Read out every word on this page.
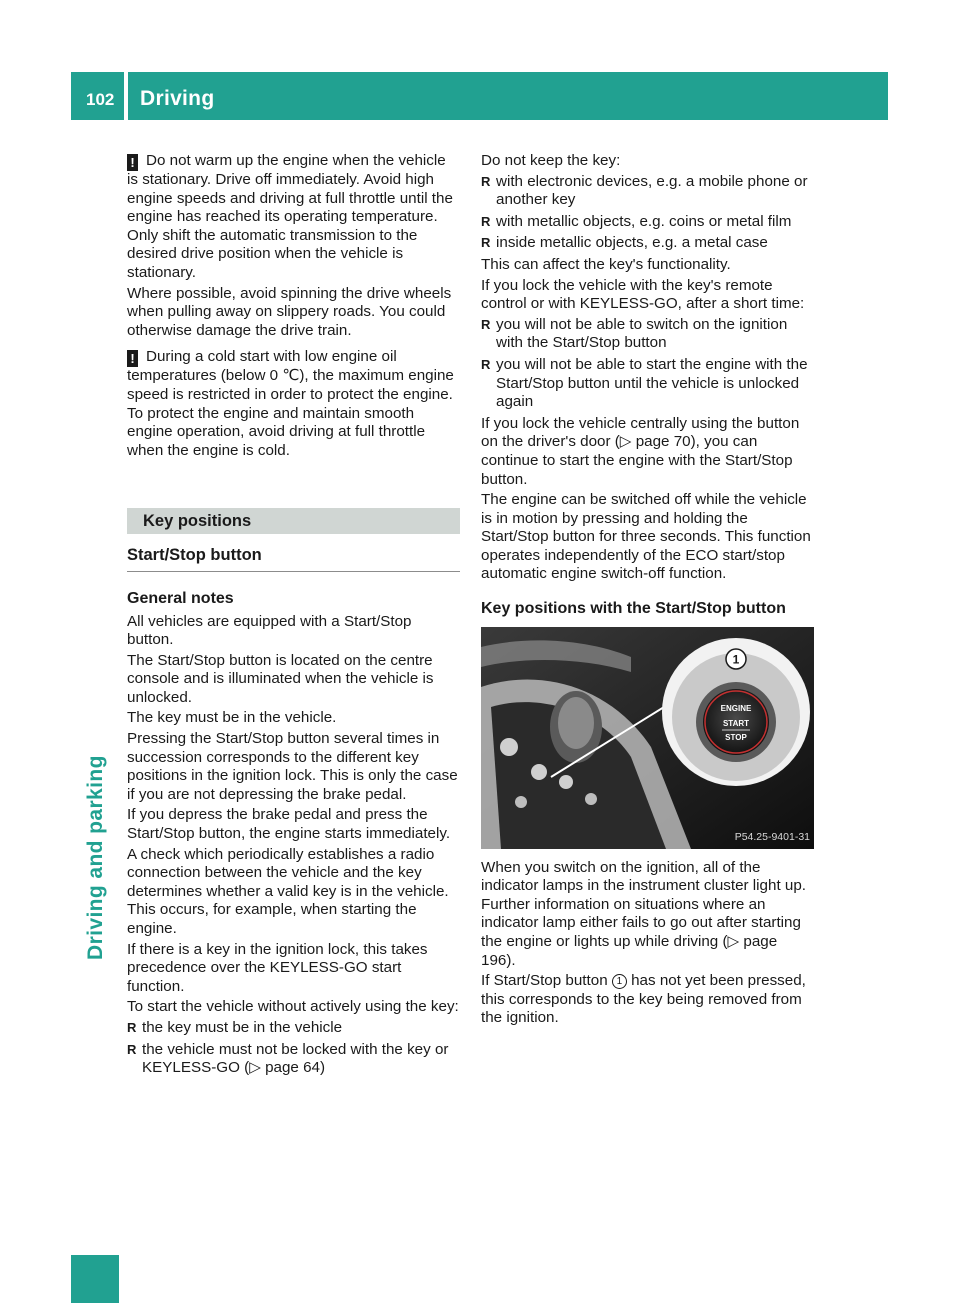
102 Driving
Driving and parking

! Do not warm up the engine when the vehicle is stationary. Drive off immediately. Avoid high engine speeds and driving at full throttle until the engine has reached its operating temperature.

Only shift the automatic transmission to the desired drive position when the vehicle is stationary.

Where possible, avoid spinning the drive wheels when pulling away on slippery roads. You could otherwise damage the drive train.

! During a cold start with low engine oil temperatures (below 0 ℃), the maximum engine speed is restricted in order to protect the engine. To protect the engine and maintain smooth engine operation, avoid driving at full throttle when the engine is cold.

Key positions
Start/Stop button
General notes

All vehicles are equipped with a Start/Stop button.

The Start/Stop button is located on the centre console and is illuminated when the vehicle is unlocked.

The key must be in the vehicle.

Pressing the Start/Stop button several times in succession corresponds to the different key positions in the ignition lock. This is only the case if you are not depressing the brake pedal.

If you depress the brake pedal and press the Start/Stop button, the engine starts immediately.

A check which periodically establishes a radio connection between the vehicle and the key determines whether a valid key is in the vehicle. This occurs, for example, when starting the engine.

If there is a key in the ignition lock, this takes precedence over the KEYLESS-GO start function.

To start the vehicle without actively using the key:

R the key must be in the vehicle
R the vehicle must not be locked with the key or KEYLESS-GO (▷ page 64)

Do not keep the key:

R with electronic devices, e.g. a mobile phone or another key
R with metallic objects, e.g. coins or metal film
R inside metallic objects, e.g. a metal case

This can affect the key's functionality.

If you lock the vehicle with the key's remote control or with KEYLESS-GO, after a short time:

R you will not be able to switch on the ignition with the Start/Stop button
R you will not be able to start the engine with the Start/Stop button until the vehicle is unlocked again

If you lock the vehicle centrally using the button on the driver's door (▷ page 70), you can continue to start the engine with the Start/Stop button.

The engine can be switched off while the vehicle is in motion by pressing and holding the Start/Stop button for three seconds. This function operates independently of the ECO start/stop automatic engine switch-off function.

Key positions with the Start/Stop button
ENGINE
START
STOP
1
P54.25-9401-31

When you switch on the ignition, all of the indicator lamps in the instrument cluster light up. Further information on situations where an indicator lamp either fails to go out after starting the engine or lights up while driving (▷ page 196).

If Start/Stop button 1 has not yet been pressed, this corresponds to the key being removed from the ignition.
